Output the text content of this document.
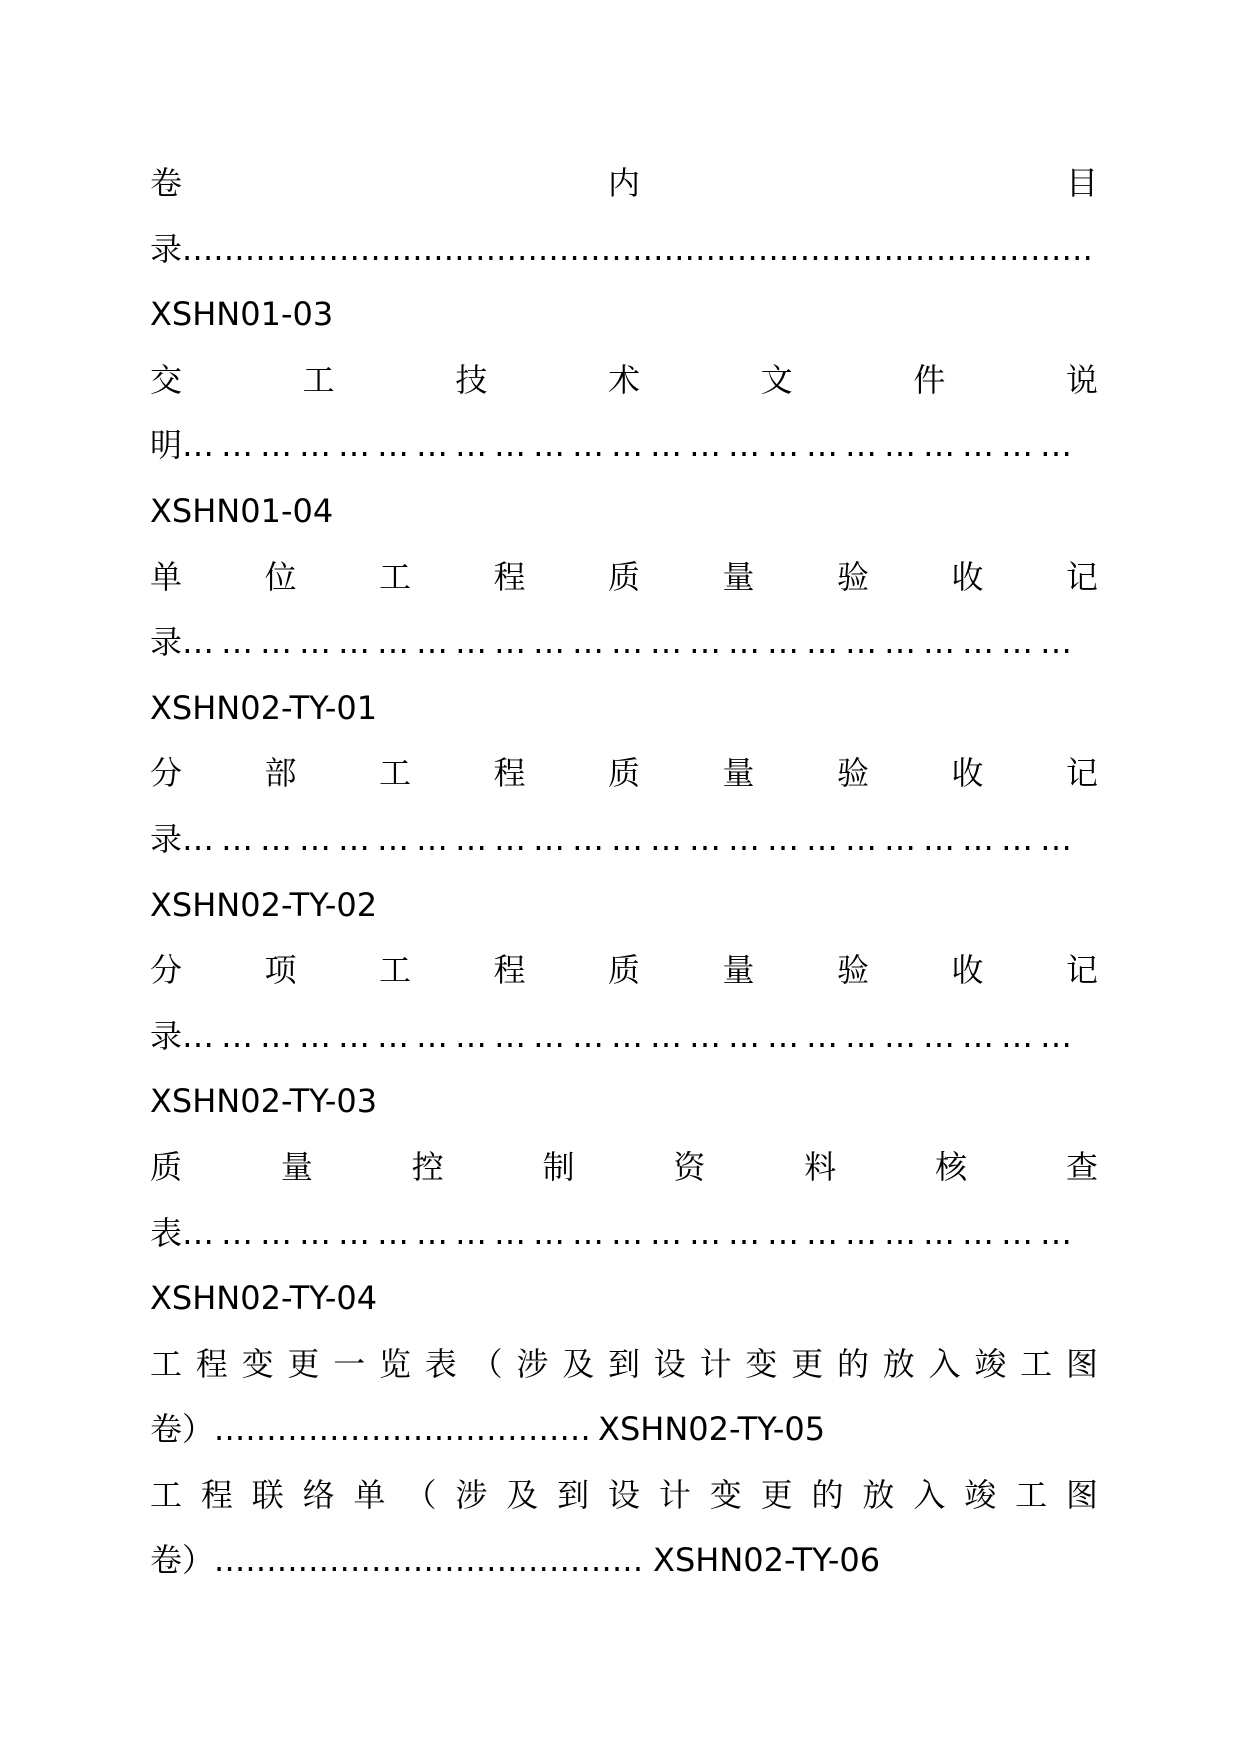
卷内目
录 .......................................................................................
XSHN01-03
交工技术文件说
明 ……………………………………………………………
XSHN01-04
单位工程质量验收记
录 ……………………………………………………………
XSHN02-TY-01
分部工程质量验收记
录 ……………………………………………………………
XSHN02-TY-02
分项工程质量验收记
录 ……………………………………………………………
XSHN02-TY-03
质量控制资料核查
表 ……………………………………………………………
XSHN02-TY-04
工程变更一览表（涉及到设计变更的放入竣工图
卷） .................................... XSHN02-TY-05
工程联络单（涉及到设计变更的放入竣工图
卷） ......................................... XSHN02-TY-06
